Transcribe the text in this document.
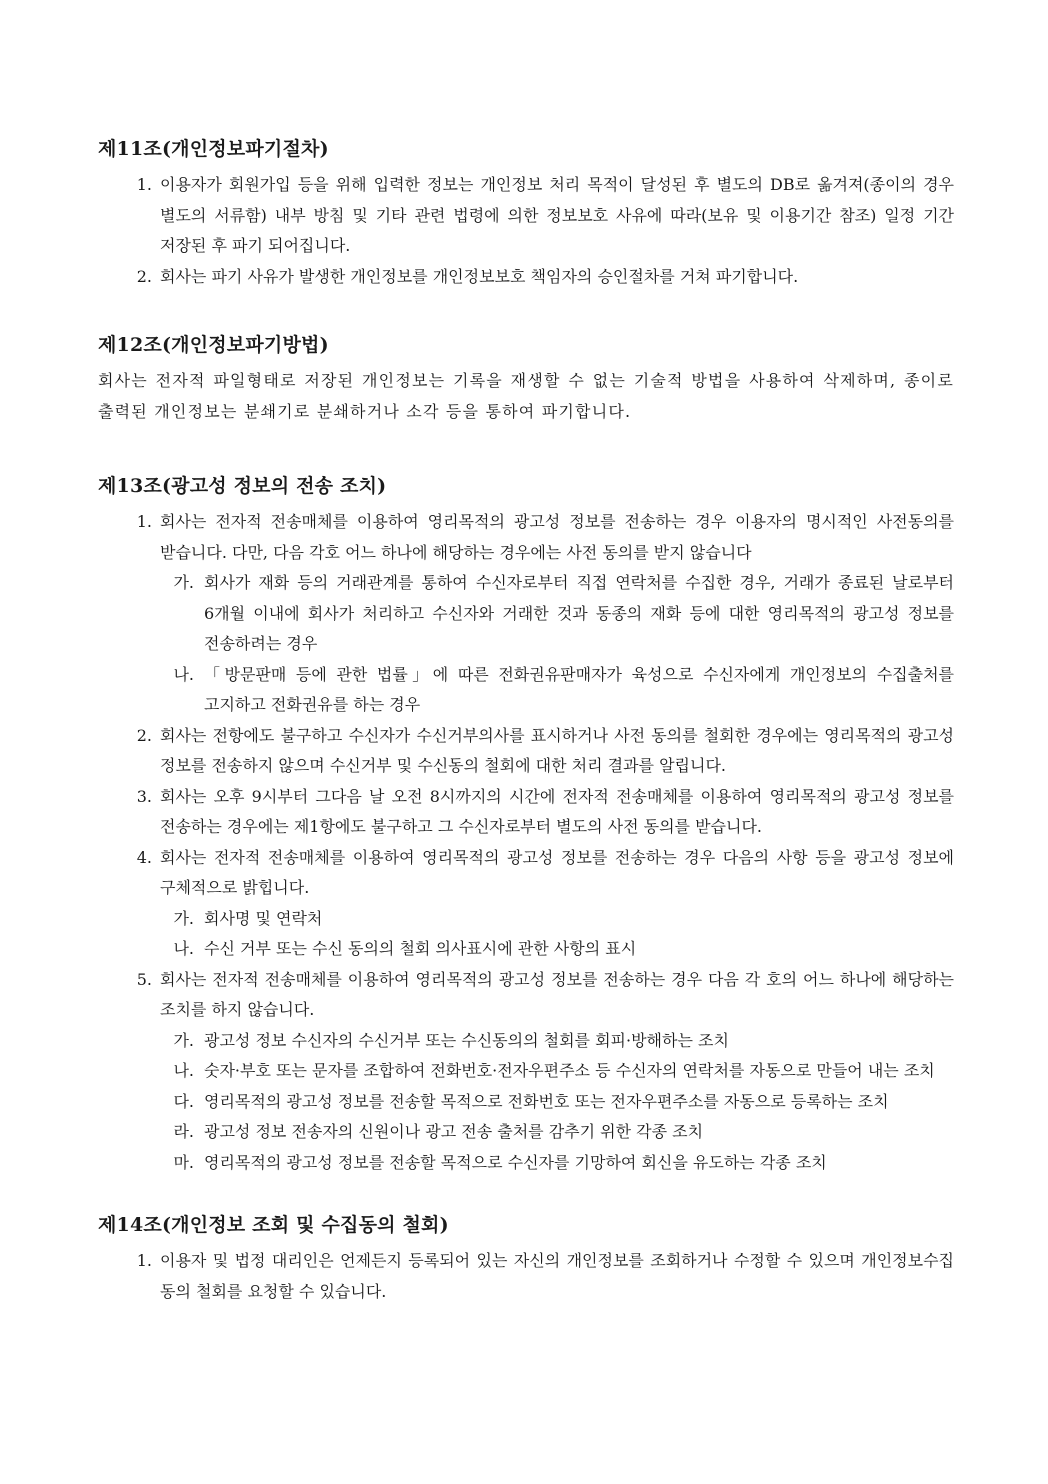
제11조(개인정보파기절차)
1. 이용자가 회원가입 등을 위해 입력한 정보는 개인정보 처리 목적이 달성된 후 별도의 DB로 옮겨져(종이의 경우 별도의 서류함) 내부 방침 및 기타 관련 법령에 의한 정보보호 사유에 따라(보유 및 이용기간 참조) 일정 기간 저장된 후 파기 되어집니다.
2. 회사는 파기 사유가 발생한 개인정보를 개인정보보호 책임자의 승인절차를 거쳐 파기합니다.
제12조(개인정보파기방법)

회사는 전자적 파일형태로 저장된 개인정보는 기록을 재생할 수 없는 기술적 방법을 사용하여 삭제하며, 종이로 출력된 개인정보는 분쇄기로 분쇄하거나 소각 등을 통하여 파기합니다.

제13조(광고성 정보의 전송 조치)
1. 회사는 전자적 전송매체를 이용하여 영리목적의 광고성 정보를 전송하는 경우 이용자의 명시적인 사전동의를 받습니다. 다만, 다음 각호 어느 하나에 해당하는 경우에는 사전 동의를 받지 않습니다
가. 회사가 재화 등의 거래관계를 통하여 수신자로부터 직접 연락처를 수집한 경우, 거래가 종료된 날로부터 6개월 이내에 회사가 처리하고 수신자와 거래한 것과 동종의 재화 등에 대한 영리목적의 광고성 정보를 전송하려는 경우
나. 「방문판매 등에 관한 법률」에 따른 전화권유판매자가 육성으로 수신자에게 개인정보의 수집출처를 고지하고 전화권유를 하는 경우
2. 회사는 전항에도 불구하고 수신자가 수신거부의사를 표시하거나 사전 동의를 철회한 경우에는 영리목적의 광고성 정보를 전송하지 않으며 수신거부 및 수신동의 철회에 대한 처리 결과를 알립니다.
3. 회사는 오후 9시부터 그다음 날 오전 8시까지의 시간에 전자적 전송매체를 이용하여 영리목적의 광고성 정보를 전송하는 경우에는 제1항에도 불구하고 그 수신자로부터 별도의 사전 동의를 받습니다.
4. 회사는 전자적 전송매체를 이용하여 영리목적의 광고성 정보를 전송하는 경우 다음의 사항 등을 광고성 정보에 구체적으로 밝힙니다.
가. 회사명 및 연락처
나. 수신 거부 또는 수신 동의의 철회 의사표시에 관한 사항의 표시
5. 회사는 전자적 전송매체를 이용하여 영리목적의 광고성 정보를 전송하는 경우 다음 각 호의 어느 하나에 해당하는 조치를 하지 않습니다.
가. 광고성 정보 수신자의 수신거부 또는 수신동의의 철회를 회피·방해하는 조치
나. 숫자·부호 또는 문자를 조합하여 전화번호·전자우편주소 등 수신자의 연락처를 자동으로 만들어 내는 조치
다. 영리목적의 광고성 정보를 전송할 목적으로 전화번호 또는 전자우편주소를 자동으로 등록하는 조치
라. 광고성 정보 전송자의 신원이나 광고 전송 출처를 감추기 위한 각종 조치
마. 영리목적의 광고성 정보를 전송할 목적으로 수신자를 기망하여 회신을 유도하는 각종 조치
제14조(개인정보 조회 및 수집동의 철회)
1. 이용자 및 법정 대리인은 언제든지 등록되어 있는 자신의 개인정보를 조회하거나 수정할 수 있으며 개인정보수집 동의 철회를 요청할 수 있습니다.
